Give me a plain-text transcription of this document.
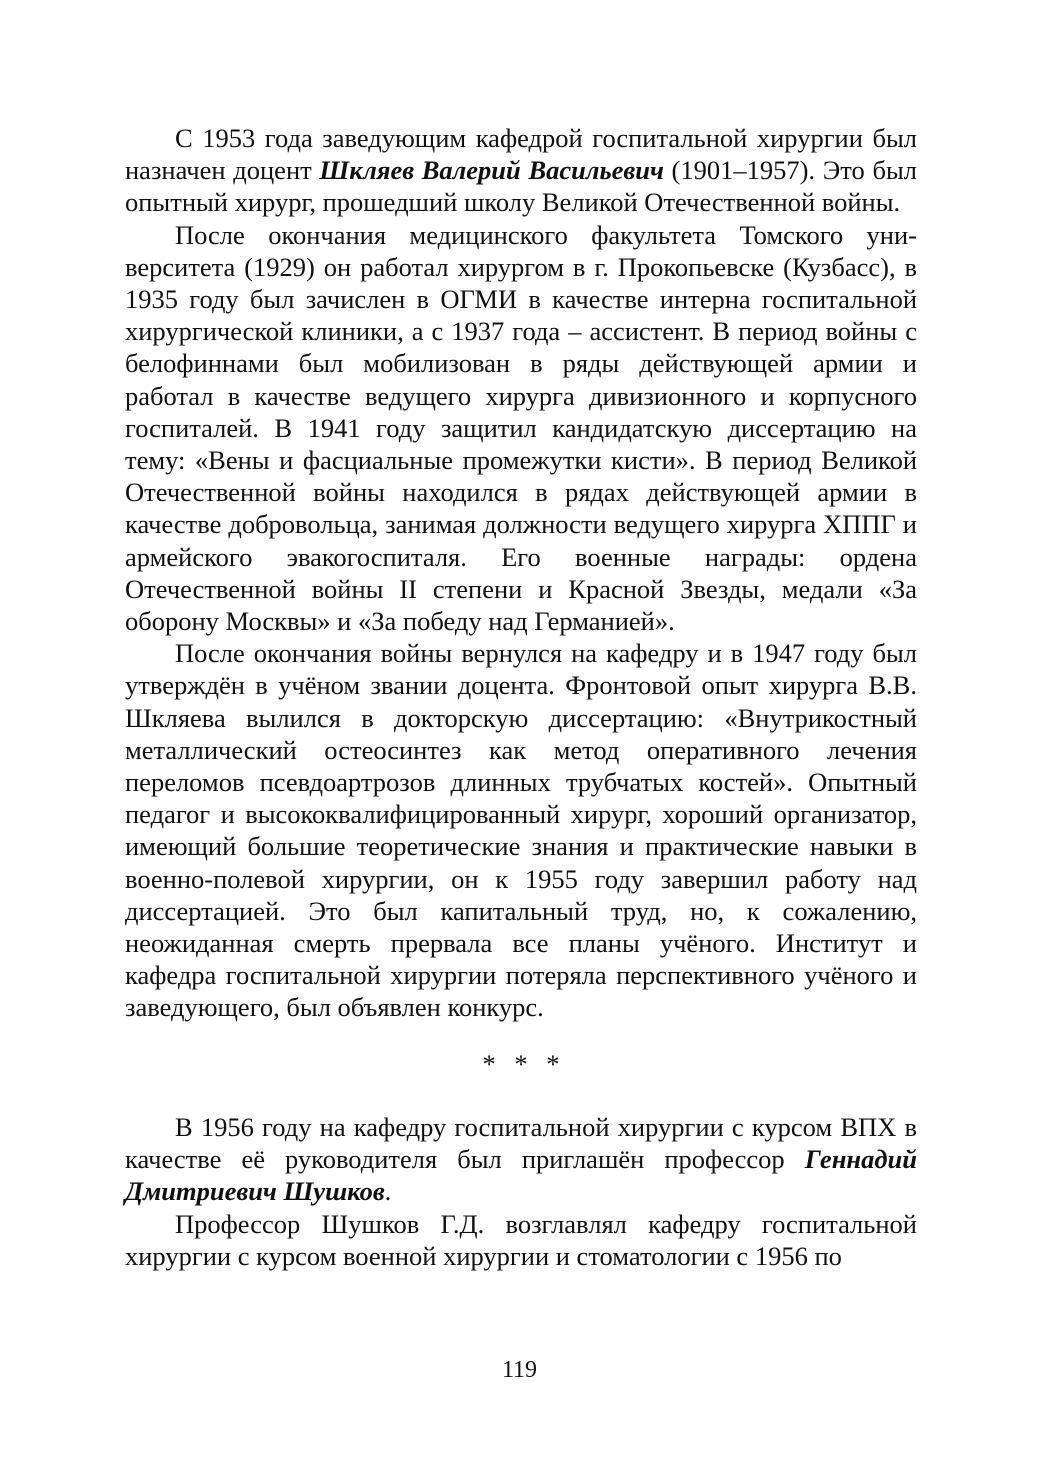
С 1953 года заведующим кафедрой госпитальной хирургии был назначен доцент Шкляев Валерий Васильевич (1901–1957). Это был опытный хирург, прошедший школу Великой Отечественной войны.

После окончания медицинского факультета Томского университета (1929) он работал хирургом в г. Прокопьевске (Кузбасс), в 1935 году был зачислен в ОГМИ в качестве интерна госпитальной хирургической клиники, а с 1937 года – ассистент. В период войны с белофиннами был мобилизован в ряды действующей армии и работал в качестве ведущего хирурга дивизионного и корпусного госпиталей. В 1941 году защитил кандидатскую диссертацию на тему: «Вены и фасциальные промежутки кисти». В период Великой Отечественной войны находился в рядах действующей армии в качестве добровольца, занимая должности ведущего хирурга ХППГ и армейского эвакогоспиталя. Его военные награды: ордена Отечественной войны II степени и Красной Звезды, медали «За оборону Москвы» и «За победу над Германией».

После окончания войны вернулся на кафедру и в 1947 году был утверждён в учёном звании доцента. Фронтовой опыт хирурга В.В. Шкляева вылился в докторскую диссертацию: «Внутрикостный металлический остеосинтез как метод оперативного лечения переломов псевдоартрозов длинных трубчатых костей». Опытный педагог и высококвалифицированный хирург, хороший организатор, имеющий большие теоретические знания и практические навыки в военно-полевой хирургии, он к 1955 году завершил работу над диссертацией. Это был капитальный труд, но, к сожалению, неожиданная смерть прервала все планы учёного. Институт и кафедра госпитальной хирургии потеряла перспективного учёного и заведующего, был объявлен конкурс.

* * *

В 1956 году на кафедру госпитальной хирургии с курсом ВПХ в качестве её руководителя был приглашён профессор Геннадий Дмитриевич Шушков.

Профессор Шушков Г.Д. возглавлял кафедру госпитальной хирургии с курсом военной хирургии и стоматологии с 1956 по

119
